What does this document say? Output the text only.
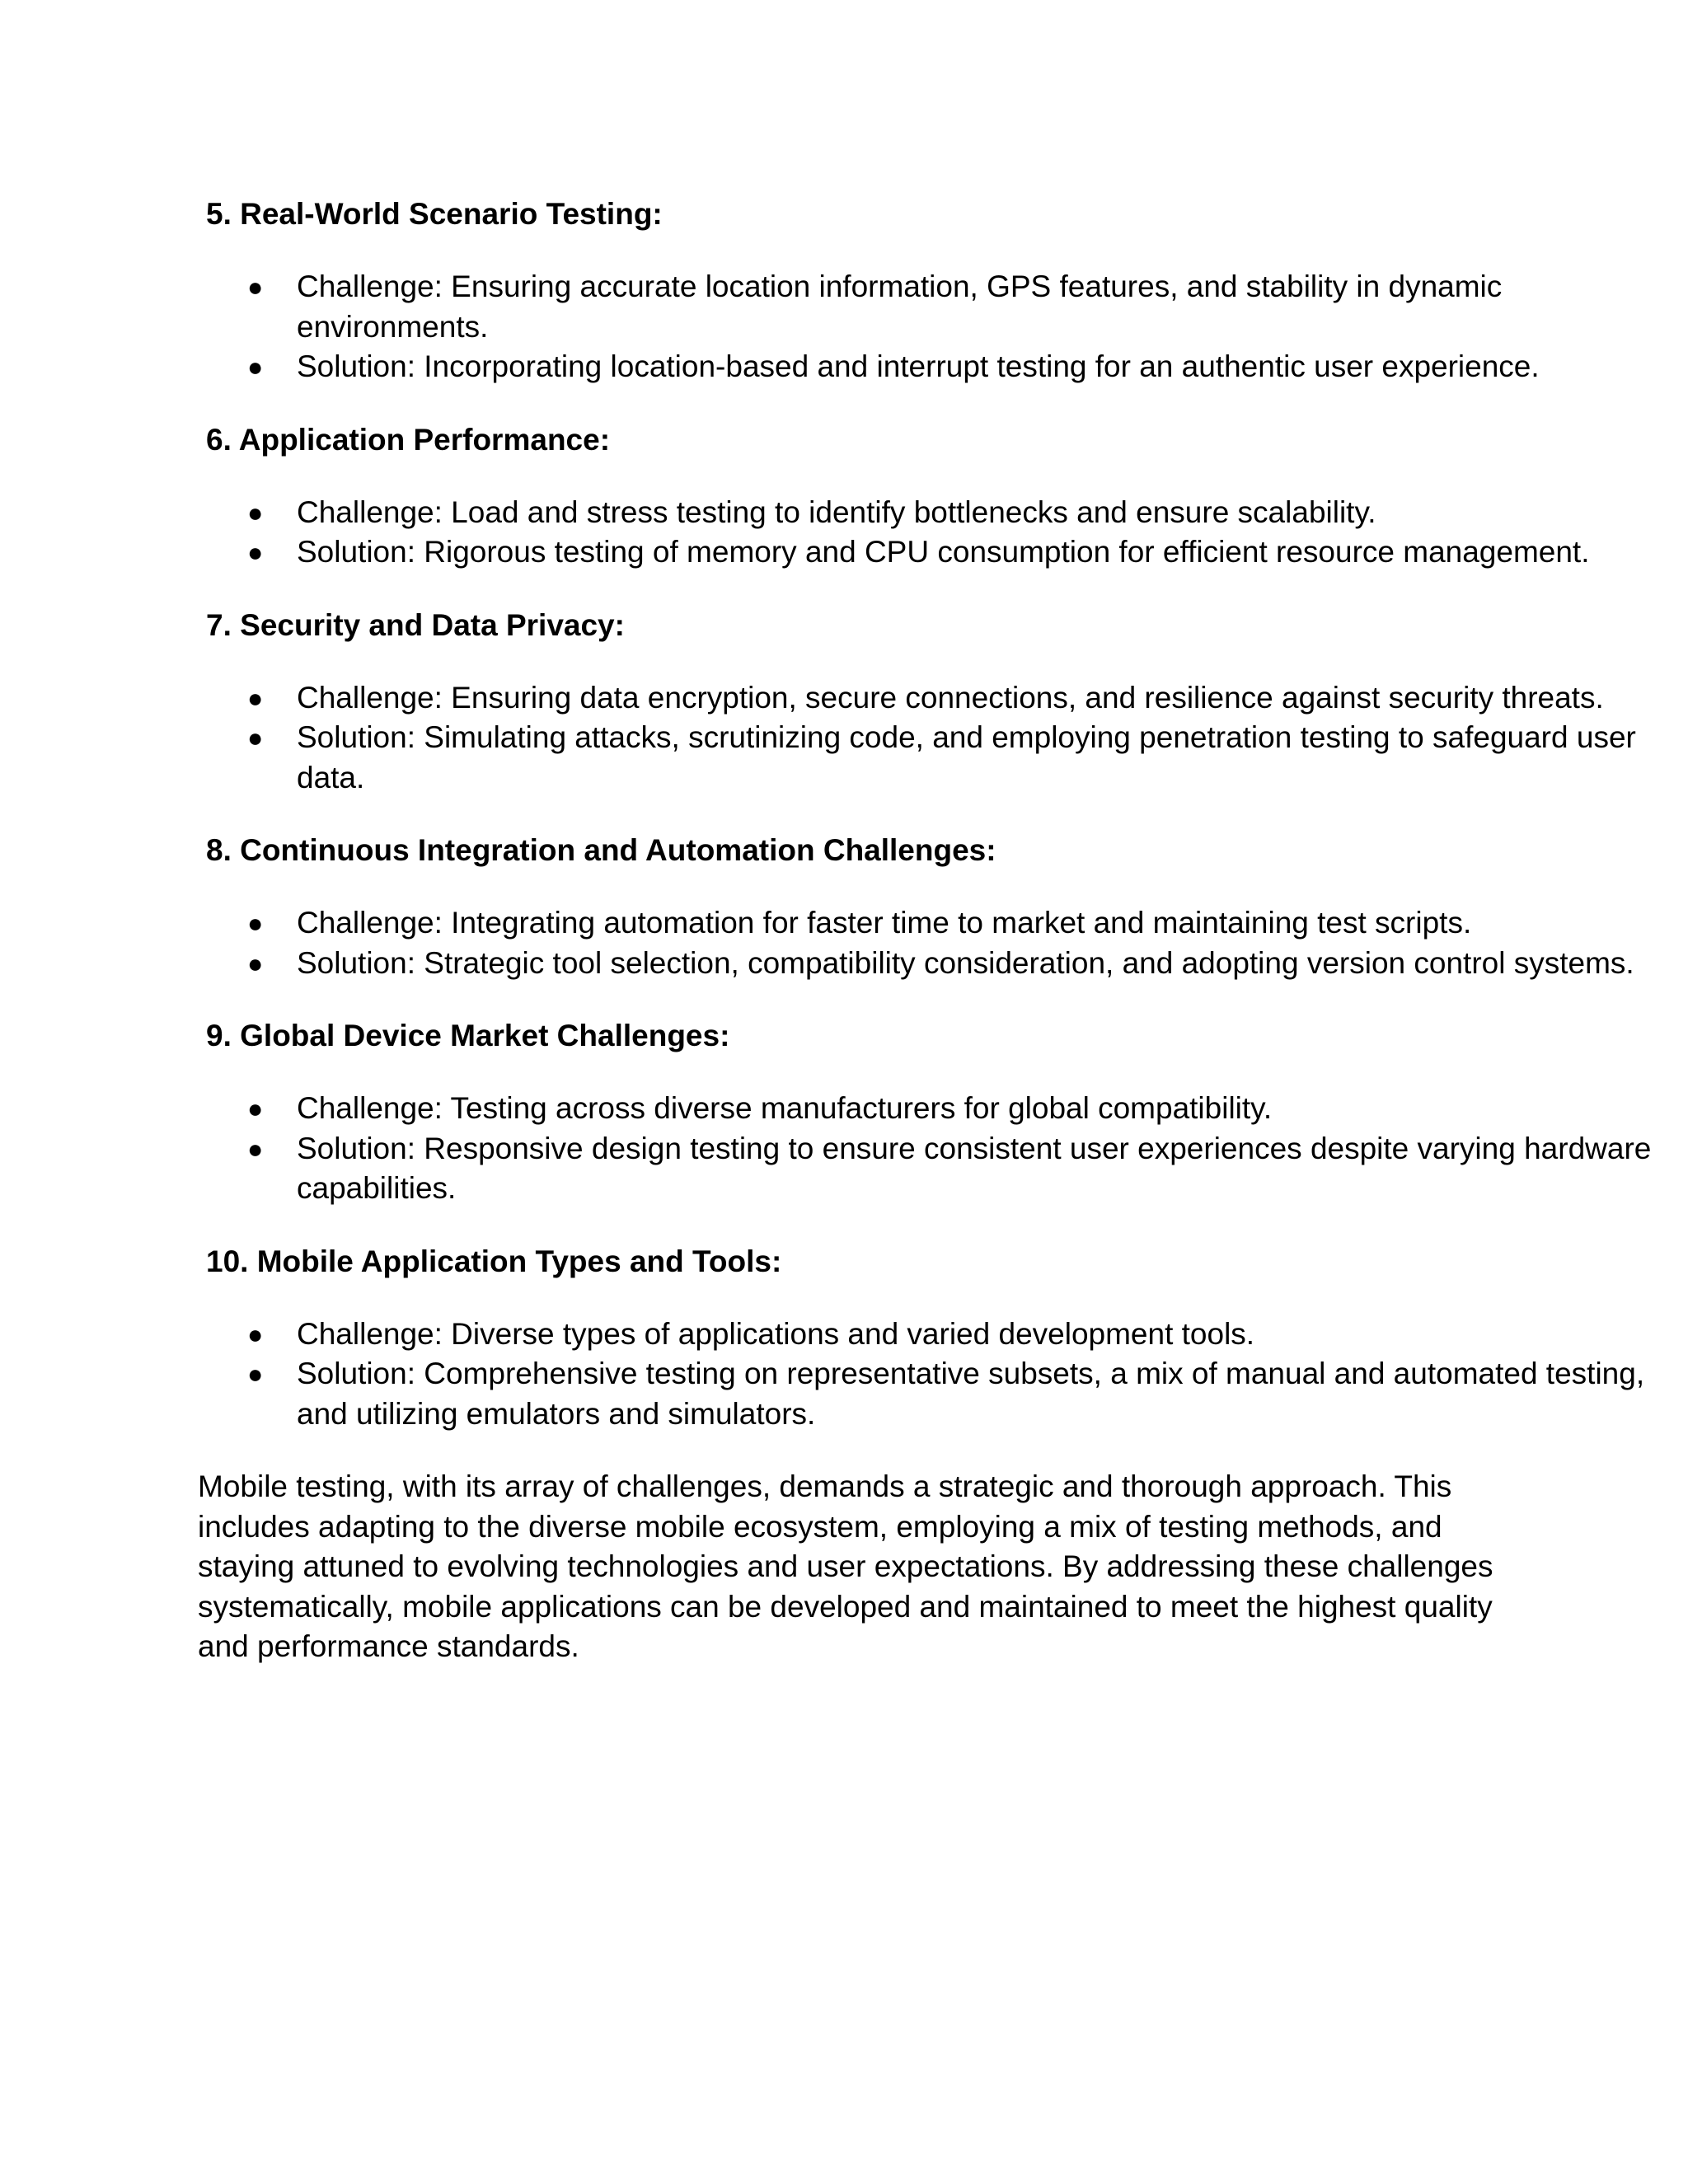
5. Real-World Scenario Testing:
● Challenge: Ensuring accurate location information, GPS features, and stability in dynamic environments.
● Solution: Incorporating location-based and interrupt testing for an authentic user experience.
6. Application Performance:
● Challenge: Load and stress testing to identify bottlenecks and ensure scalability.
● Solution: Rigorous testing of memory and CPU consumption for efficient resource management.
7. Security and Data Privacy:
● Challenge: Ensuring data encryption, secure connections, and resilience against security threats.
● Solution: Simulating attacks, scrutinizing code, and employing penetration testing to safeguard user data.
8. Continuous Integration and Automation Challenges:
● Challenge: Integrating automation for faster time to market and maintaining test scripts.
● Solution: Strategic tool selection, compatibility consideration, and adopting version control systems.
9. Global Device Market Challenges:
● Challenge: Testing across diverse manufacturers for global compatibility.
● Solution: Responsive design testing to ensure consistent user experiences despite varying hardware capabilities.
10. Mobile Application Types and Tools:
● Challenge: Diverse types of applications and varied development tools.
● Solution: Comprehensive testing on representative subsets, a mix of manual and automated testing, and utilizing emulators and simulators.

Mobile testing, with its array of challenges, demands a strategic and thorough approach. This includes adapting to the diverse mobile ecosystem, employing a mix of testing methods, and staying attuned to evolving technologies and user expectations. By addressing these challenges systematically, mobile applications can be developed and maintained to meet the highest quality and performance standards.
